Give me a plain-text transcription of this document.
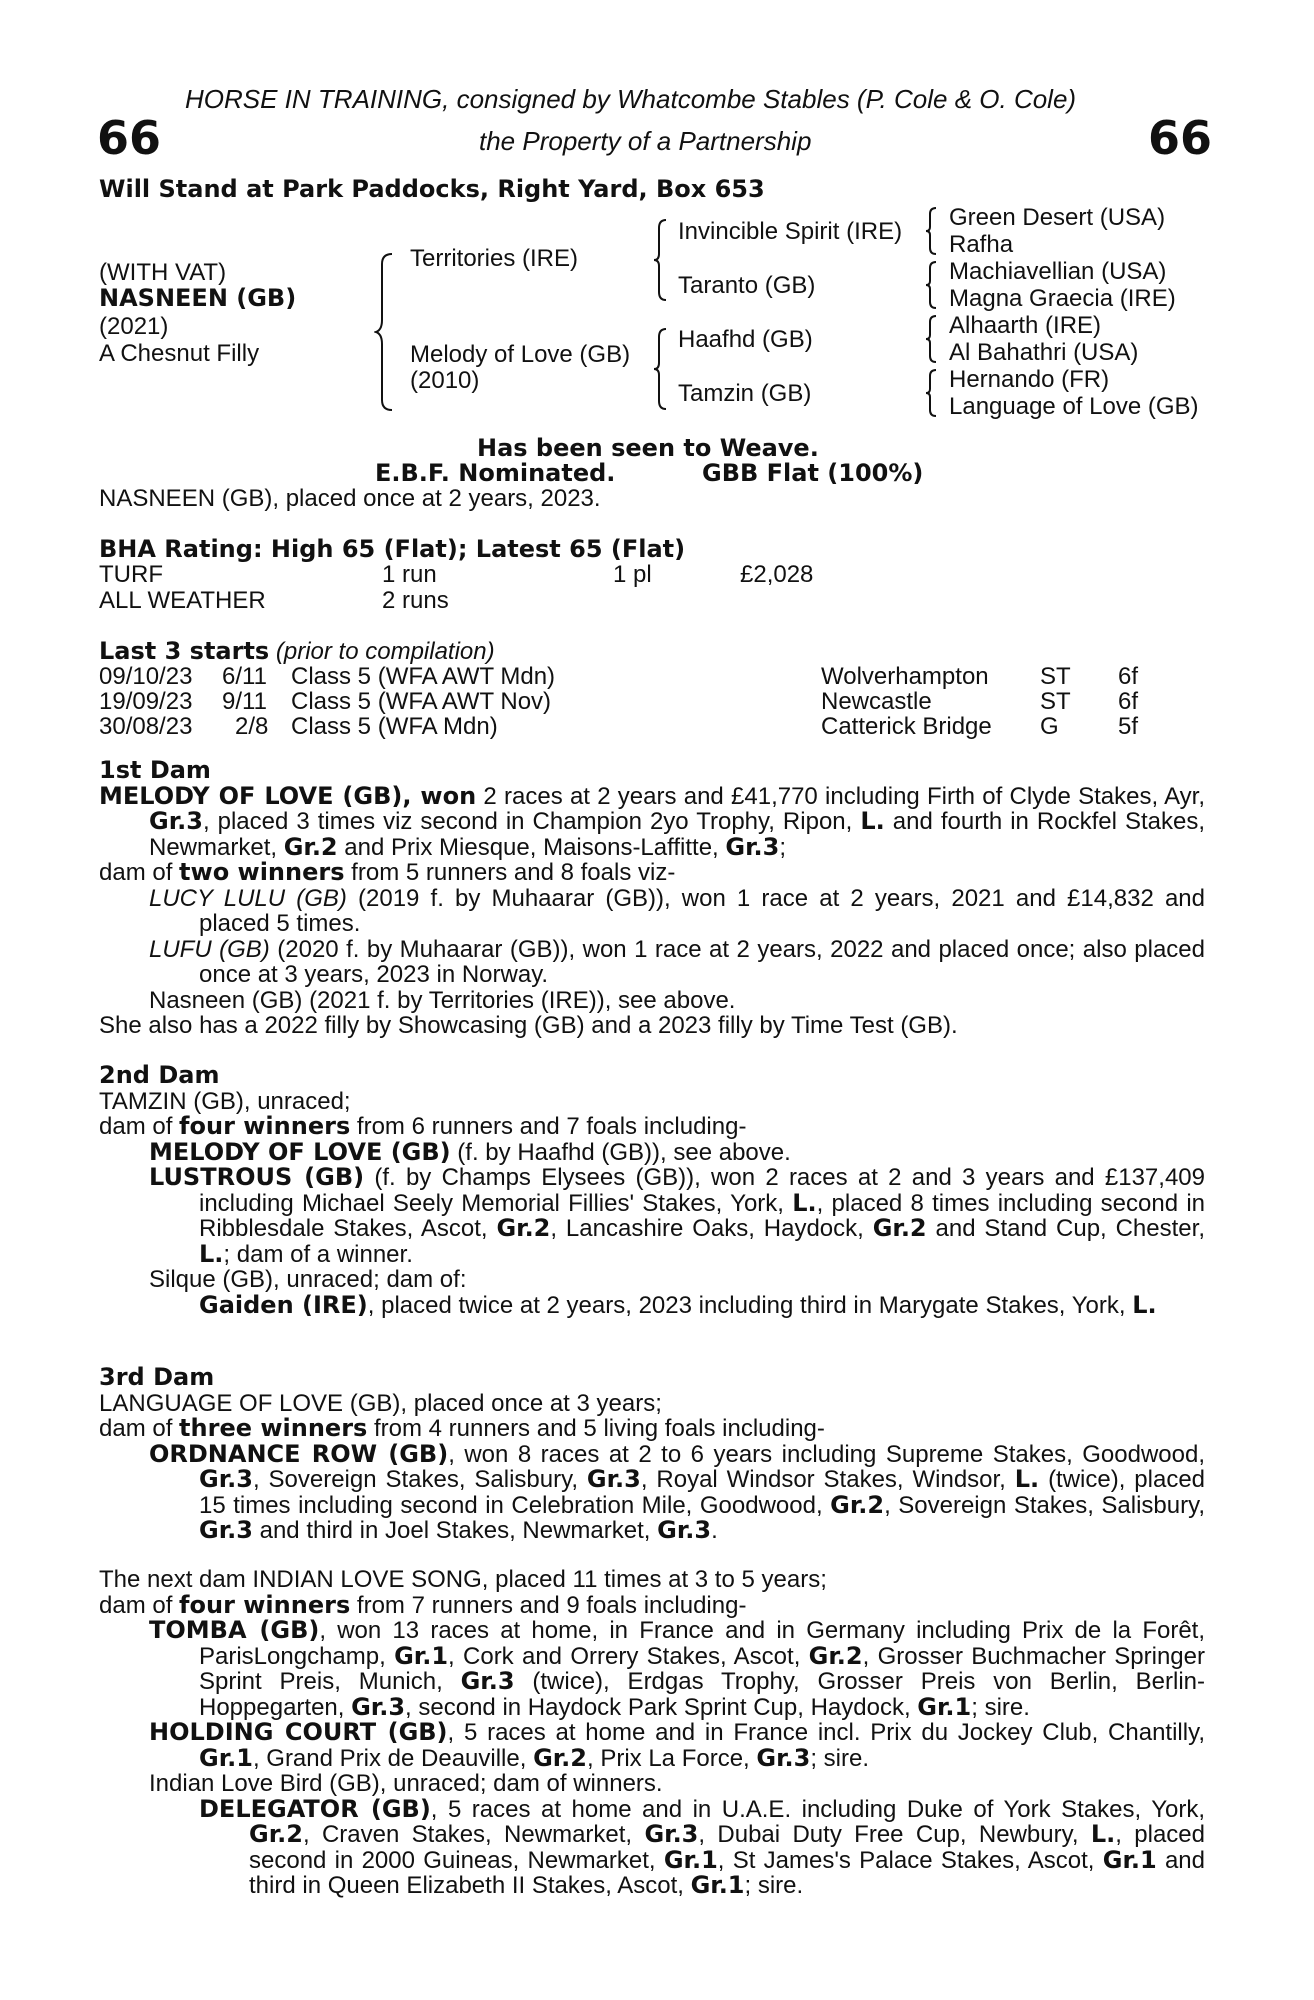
HORSE IN TRAINING, consigned by Whatcombe Stables (P. Cole & O. Cole)
66	the Property of a Partnership	66
Will Stand at Park Paddocks, Right Yard, Box 653
(WITH VAT)
NASNEEN (GB)
(2021)
A Chesnut Filly
Territories (IRE)
Melody of Love (GB)
(2010)
Invincible Spirit (IRE)
Taranto (GB)
Haafhd (GB)
Tamzin (GB)
Green Desert (USA)
Rafha
Machiavellian (USA)
Magna Graecia (IRE)
Alhaarth (IRE)
Al Bahathri (USA)
Hernando (FR)
Language of Love (GB)
Has been seen to Weave.
E.B.F. Nominated.	GBB Flat (100%)
NASNEEN (GB), placed once at 2 years, 2023.
BHA Rating: High 65 (Flat); Latest 65 (Flat)
TURF	1 run	1 pl	£2,028
ALL WEATHER	2 runs
Last 3 starts (prior to compilation)
09/10/23 6/11 Class 5 (WFA AWT Mdn)	Wolverhampton ST 6f
19/09/23 9/11 Class 5 (WFA AWT Nov)	Newcastle	ST 6f
30/08/23 2/8 Class 5 (WFA Mdn)	Catterick Bridge G 5f

1st Dam

MELODY OF LOVE (GB), won 2 races at 2 years and £41,770 including Firth of Clyde Stakes, Ayr, Gr.3, placed 3 times viz second in Champion 2yo Trophy, Ripon, L. and fourth in Rockfel Stakes, Newmarket, Gr.2 and Prix Miesque, Maisons-Laffitte, Gr.3;

dam of two winners from 5 runners and 8 foals viz-

LUCY LULU (GB) (2019 f. by Muhaarar (GB)), won 1 race at 2 years, 2021 and £14,832 and placed 5 times.

LUFU (GB) (2020 f. by Muhaarar (GB)), won 1 race at 2 years, 2022 and placed once; also placed once at 3 years, 2023 in Norway.

Nasneen (GB) (2021 f. by Territories (IRE)), see above.

She also has a 2022 filly by Showcasing (GB) and a 2023 filly by Time Test (GB).

2nd Dam

TAMZIN (GB), unraced;

dam of four winners from 6 runners and 7 foals including-

MELODY OF LOVE (GB) (f. by Haafhd (GB)), see above.

LUSTROUS (GB) (f. by Champs Elysees (GB)), won 2 races at 2 and 3 years and £137,409 including Michael Seely Memorial Fillies' Stakes, York, L., placed 8 times including second in Ribblesdale Stakes, Ascot, Gr.2, Lancashire Oaks, Haydock, Gr.2 and Stand Cup, Chester, L.; dam of a winner.

Silque (GB), unraced; dam of:

Gaiden (IRE), placed twice at 2 years, 2023 including third in Marygate Stakes, York, L.

3rd Dam

LANGUAGE OF LOVE (GB), placed once at 3 years;

dam of three winners from 4 runners and 5 living foals including-

ORDNANCE ROW (GB), won 8 races at 2 to 6 years including Supreme Stakes, Goodwood, Gr.3, Sovereign Stakes, Salisbury, Gr.3, Royal Windsor Stakes, Windsor, L. (twice), placed 15 times including second in Celebration Mile, Goodwood, Gr.2, Sovereign Stakes, Salisbury, Gr.3 and third in Joel Stakes, Newmarket, Gr.3.

The next dam INDIAN LOVE SONG, placed 11 times at 3 to 5 years;

dam of four winners from 7 runners and 9 foals including-

TOMBA (GB), won 13 races at home, in France and in Germany including Prix de la Forêt, ParisLongchamp, Gr.1, Cork and Orrery Stakes, Ascot, Gr.2, Grosser Buchmacher Springer Sprint Preis, Munich, Gr.3 (twice), Erdgas Trophy, Grosser Preis von Berlin, Berlin-Hoppegarten, Gr.3, second in Haydock Park Sprint Cup, Haydock, Gr.1; sire.

HOLDING COURT (GB), 5 races at home and in France incl. Prix du Jockey Club, Chantilly, Gr.1, Grand Prix de Deauville, Gr.2, Prix La Force, Gr.3; sire.

Indian Love Bird (GB), unraced; dam of winners.

DELEGATOR (GB), 5 races at home and in U.A.E. including Duke of York Stakes, York, Gr.2, Craven Stakes, Newmarket, Gr.3, Dubai Duty Free Cup, Newbury, L., placed second in 2000 Guineas, Newmarket, Gr.1, St James's Palace Stakes, Ascot, Gr.1 and third in Queen Elizabeth II Stakes, Ascot, Gr.1; sire.
